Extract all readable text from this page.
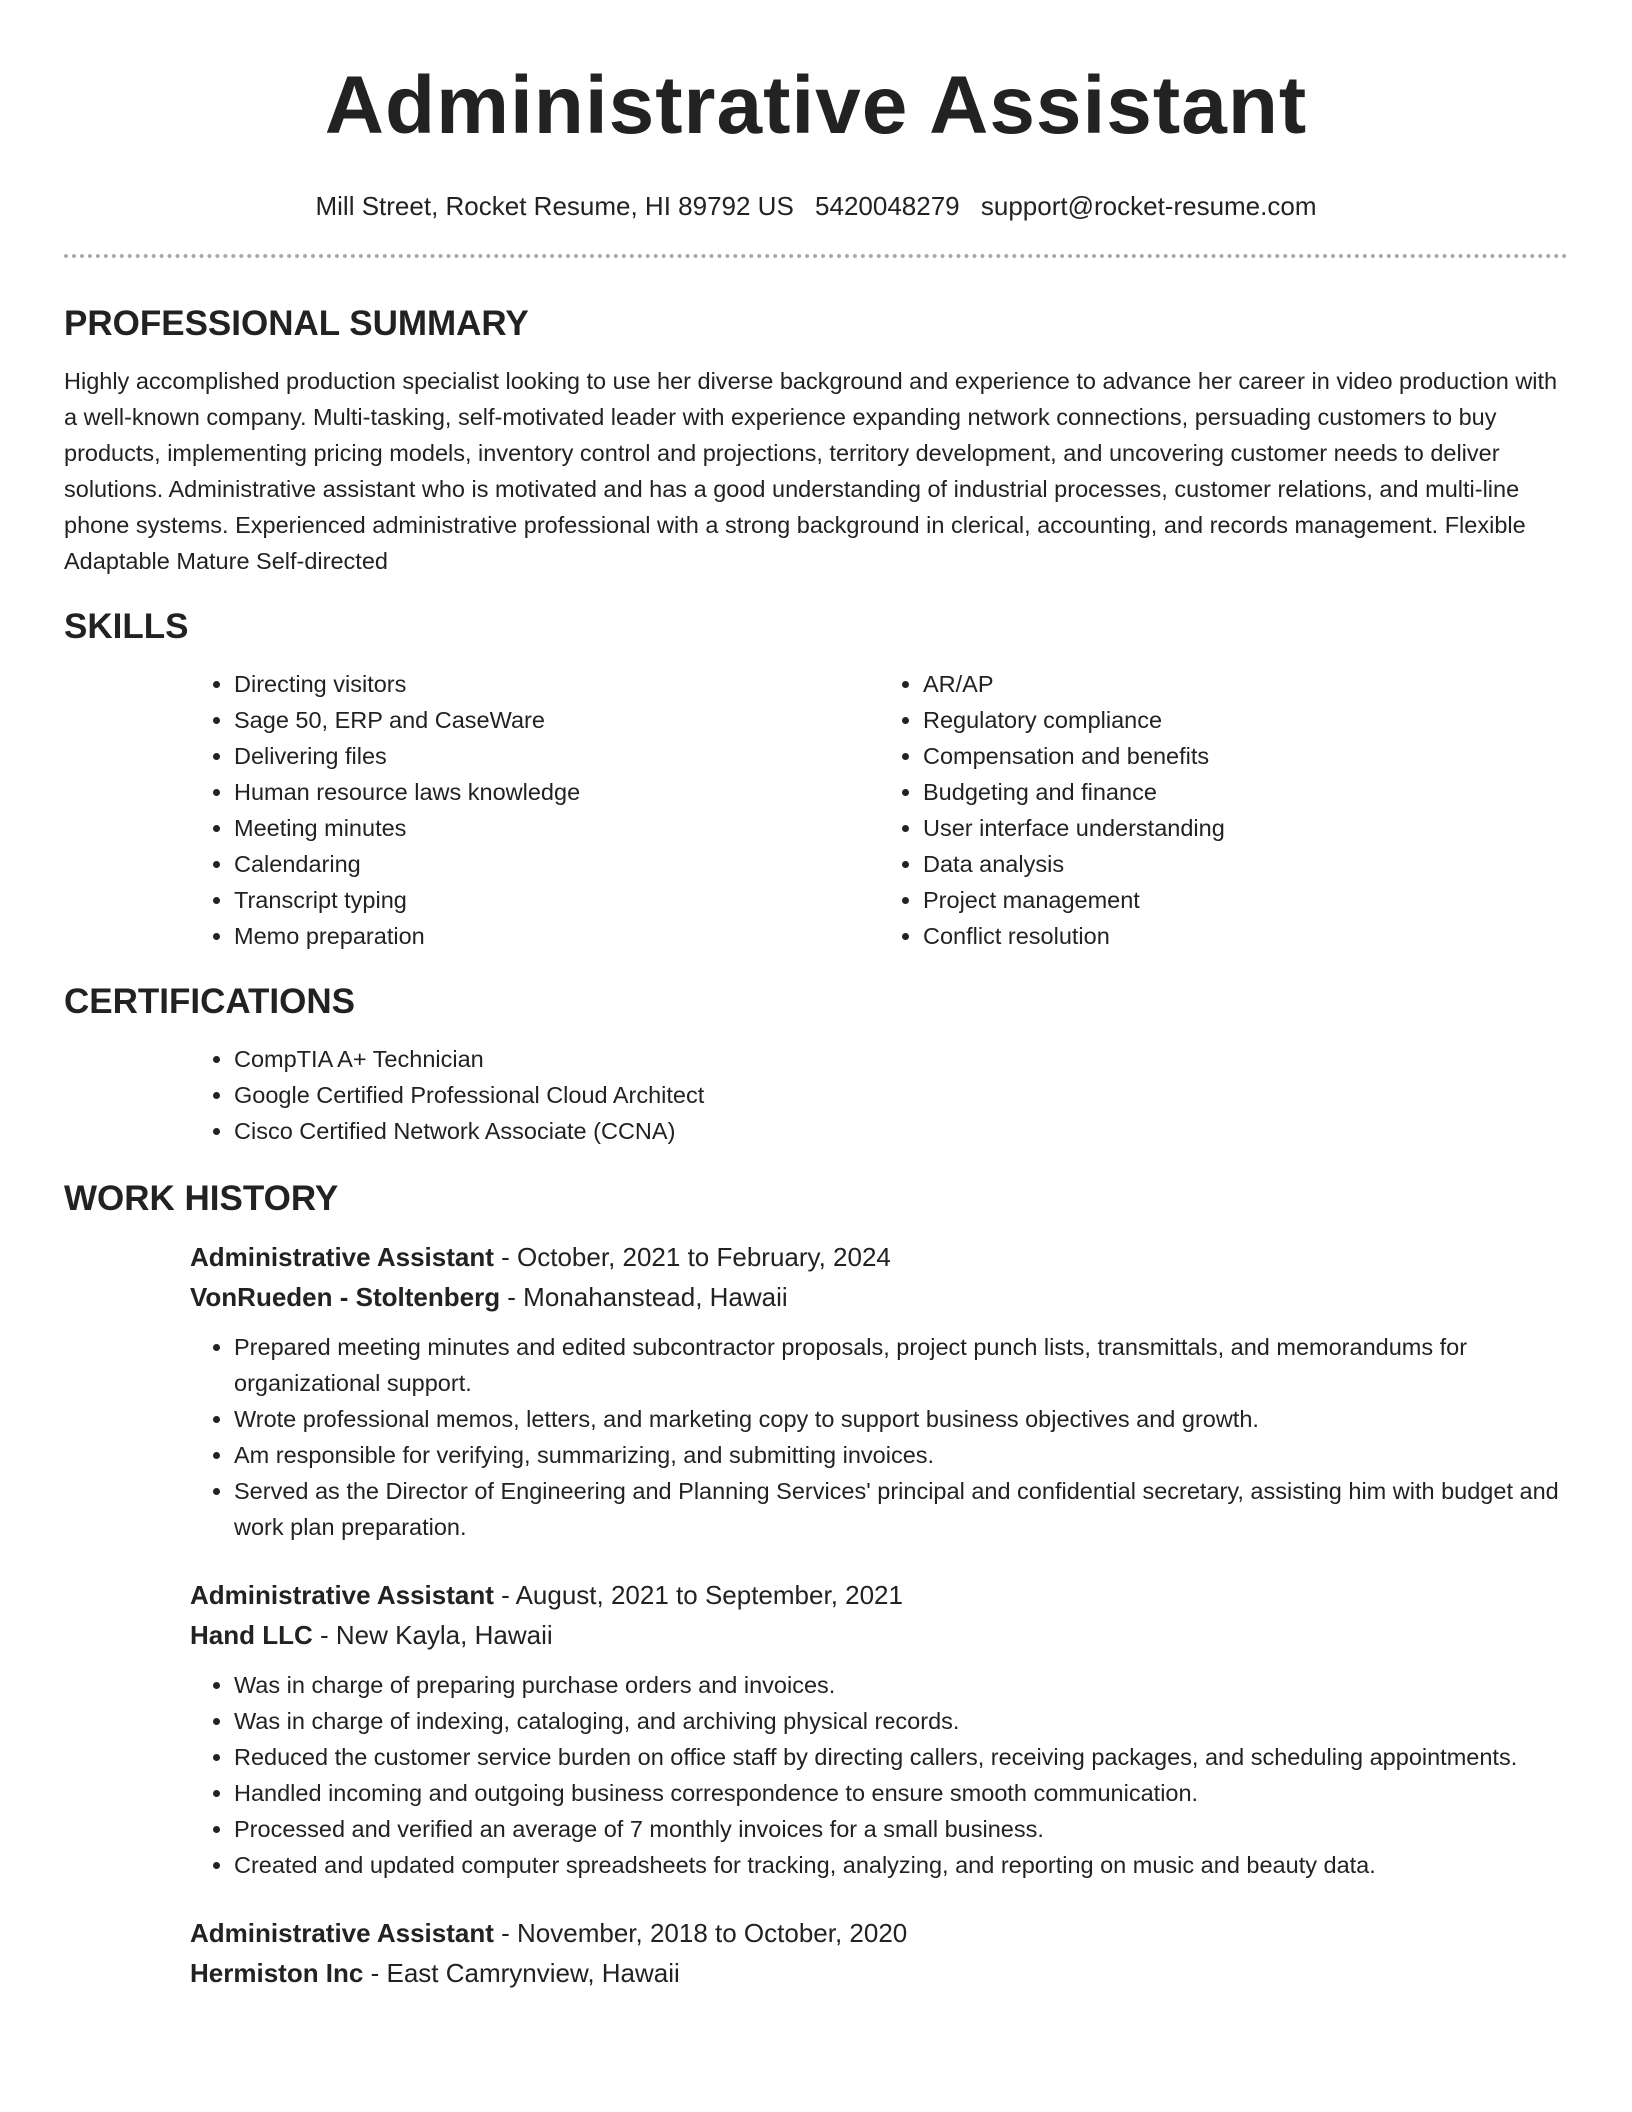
Administrative Assistant
Mill Street, Rocket Resume, HI 89792 US 5420048279 support@rocket-resume.com
PROFESSIONAL SUMMARY

Highly accomplished production specialist looking to use her diverse background and experience to advance her career in video production with a well-known company. Multi-tasking, self-motivated leader with experience expanding network connections, persuading customers to buy products, implementing pricing models, inventory control and projections, territory development, and uncovering customer needs to deliver solutions. Administrative assistant who is motivated and has a good understanding of industrial processes, customer relations, and multi-line phone systems. Experienced administrative professional with a strong background in clerical, accounting, and records management. Flexible Adaptable Mature Self-directed

SKILLS
• Directing visitors
• Sage 50, ERP and CaseWare
• Delivering files
• Human resource laws knowledge
• Meeting minutes
• Calendaring
• Transcript typing
• Memo preparation
• AR/AP
• Regulatory compliance
• Compensation and benefits
• Budgeting and finance
• User interface understanding
• Data analysis
• Project management
• Conflict resolution
CERTIFICATIONS
• CompTIA A+ Technician
• Google Certified Professional Cloud Architect
• Cisco Certified Network Associate (CCNA)
WORK HISTORY
Administrative Assistant - October, 2021 to February, 2024
VonRueden - Stoltenberg - Monahanstead, Hawaii
• Prepared meeting minutes and edited subcontractor proposals, project punch lists, transmittals, and memorandums for organizational support.
• Wrote professional memos, letters, and marketing copy to support business objectives and growth.
• Am responsible for verifying, summarizing, and submitting invoices.
• Served as the Director of Engineering and Planning Services' principal and confidential secretary, assisting him with budget and work plan preparation.
Administrative Assistant - August, 2021 to September, 2021
Hand LLC - New Kayla, Hawaii
• Was in charge of preparing purchase orders and invoices.
• Was in charge of indexing, cataloging, and archiving physical records.
• Reduced the customer service burden on office staff by directing callers, receiving packages, and scheduling appointments.
• Handled incoming and outgoing business correspondence to ensure smooth communication.
• Processed and verified an average of 7 monthly invoices for a small business.
• Created and updated computer spreadsheets for tracking, analyzing, and reporting on music and beauty data.
Administrative Assistant - November, 2018 to October, 2020
Hermiston Inc - East Camrynview, Hawaii
